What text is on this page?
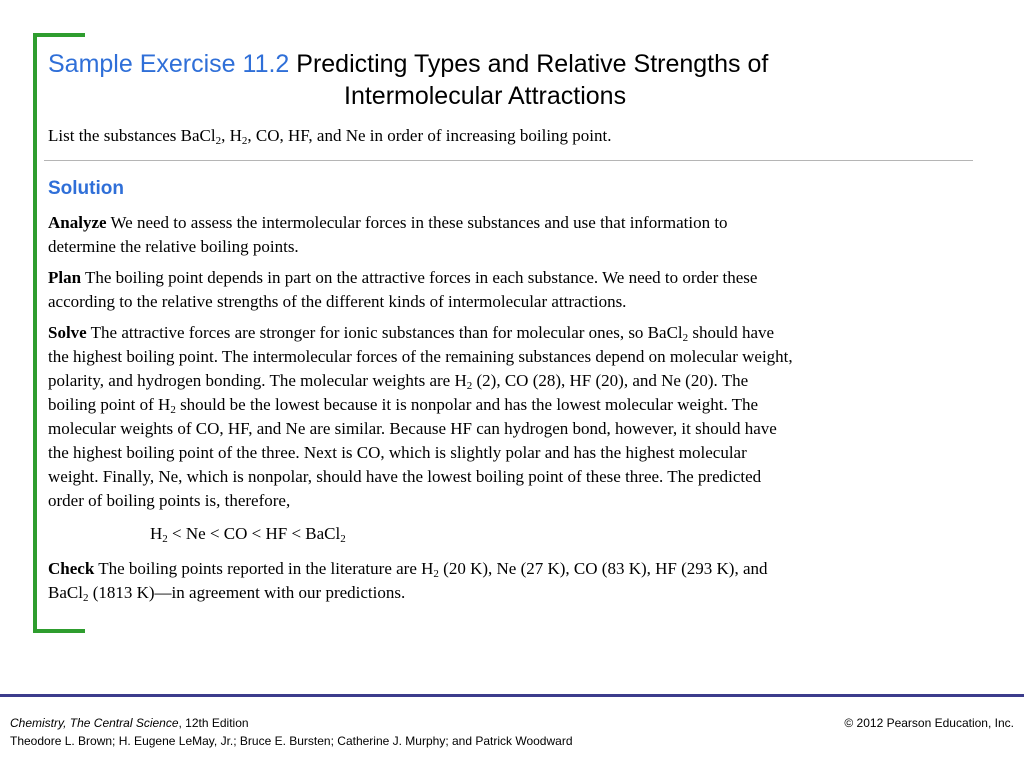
Sample Exercise 11.2 Predicting Types and Relative Strengths of
Intermolecular Attractions
List the substances BaCl$_2$, $H_2$, CO, HF, and Ne in order of increasing boiling point.
Solution
Analyze We need to assess the intermolecular forces in these substances and use that information to
determine the relative boiling points.
Plan The boiling point depends in part on the attractive forces in each substance. We need to order these
according to the relative strengths of the different kinds of intermolecular attractions.
Solve The attractive forces are stronger for ionic substances than for molecular ones, so BaCl$_2$ should have
the highest boiling point. The intermolecular forces of the remaining substances depend on molecular weight,
polarity, and hydrogen bonding. The molecular weights are $H_2$ (2), CO (28), HF (20), and Ne (20). The
boiling point of $H_2$ should be the lowest because it is nonpolar and has the lowest molecular weight. The
molecular weights of CO, HF, and Ne are similar. Because HF can hydrogen bond, however, it should have
the highest boiling point of the three. Next is CO, which is slightly polar and has the highest molecular
weight. Finally, Ne, which is nonpolar, should have the lowest boiling point of these three. The predicted
order of boiling points is, therefore,
$H_2 < Ne$ < CO < HF < BaCl$_2$
Check The boiling points reported in the literature are $H_2$ (20 K), Ne (27 K), CO (83 K), HF (293 K), and
BaCl$_2$ (1813 K)—in agreement with our predictions.
Chemistry, The Central Science, 12th Edition
Theodore L. Brown; H. Eugene LeMay, Jr.; Bruce E. Bursten; Catherine J. Murphy; and Patrick Woodward
© 2012 Pearson Education, Inc.
